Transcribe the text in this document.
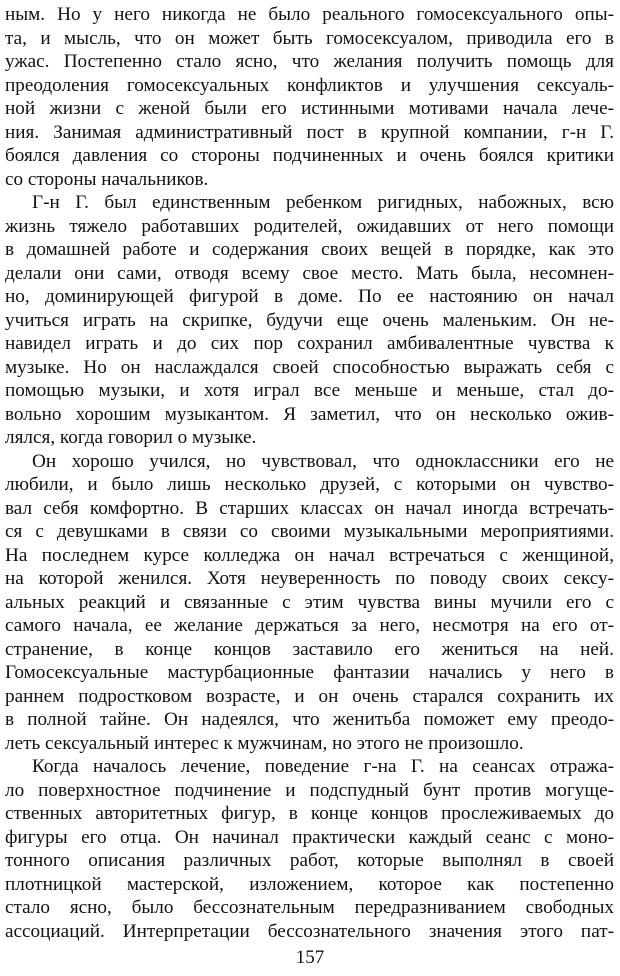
ным. Но у него никогда не было реального гомосексуального опы-
та, и мысль, что он может быть гомосексуалом, приводила его в
ужас. Постепенно стало ясно, что желания получить помощь для
преодоления гомосексуальных конфликтов и улучшения сексуаль-
ной жизни с женой были его истинными мотивами начала лече-
ния. Занимая административный пост в крупной компании, г-н Г.
боялся давления со стороны подчиненных и очень боялся критики
со стороны начальников.
Г-н Г. был единственным ребенком ригидных, набожных, всю
жизнь тяжело работавших родителей, ожидавших от него помощи
в домашней работе и содержания своих вещей в порядке, как это
делали они сами, отводя всему свое место. Мать была, несомнен-
но, доминирующей фигурой в доме. По ее настоянию он начал
учиться играть на скрипке, будучи еще очень маленьким. Он не-
навидел играть и до сих пор сохранил амбивалентные чувства к
музыке. Но он наслаждался своей способностью выражать себя с
помощью музыки, и хотя играл все меньше и меньше, стал до-
вольно хорошим музыкантом. Я заметил, что он несколько ожив-
лялся, когда говорил о музыке.
Он хорошо учился, но чувствовал, что одноклассники его не
любили, и было лишь несколько друзей, с которыми он чувство-
вал себя комфортно. В старших классах он начал иногда встречать-
ся с девушками в связи со своими музыкальными мероприятиями.
На последнем курсе колледжа он начал встречаться с женщиной,
на которой женился. Хотя неуверенность по поводу своих сексу-
альных реакций и связанные с этим чувства вины мучили его с
самого начала, ее желание держаться за него, несмотря на его от-
странение, в конце концов заставило его жениться на ней.
Гомосексуальные мастурбационные фантазии начались у него в
раннем подростковом возрасте, и он очень старался сохранить их
в полной тайне. Он надеялся, что женитьба поможет ему преодо-
леть сексуальный интерес к мужчинам, но этого не произошло.
Когда началось лечение, поведение г-на Г. на сеансах отража-
ло поверхностное подчинение и подспудный бунт против могуще-
ственных авторитетных фигур, в конце концов прослеживаемых до
фигуры его отца. Он начинал практически каждый сеанс с моно-
тонного описания различных работ, которые выполнял в своей
плотницкой мастерской, изложением, которое как постепенно
стало ясно, было бессознательным передразниванием свободных
ассоциаций. Интерпретации бессознательного значения этого пат-
157
